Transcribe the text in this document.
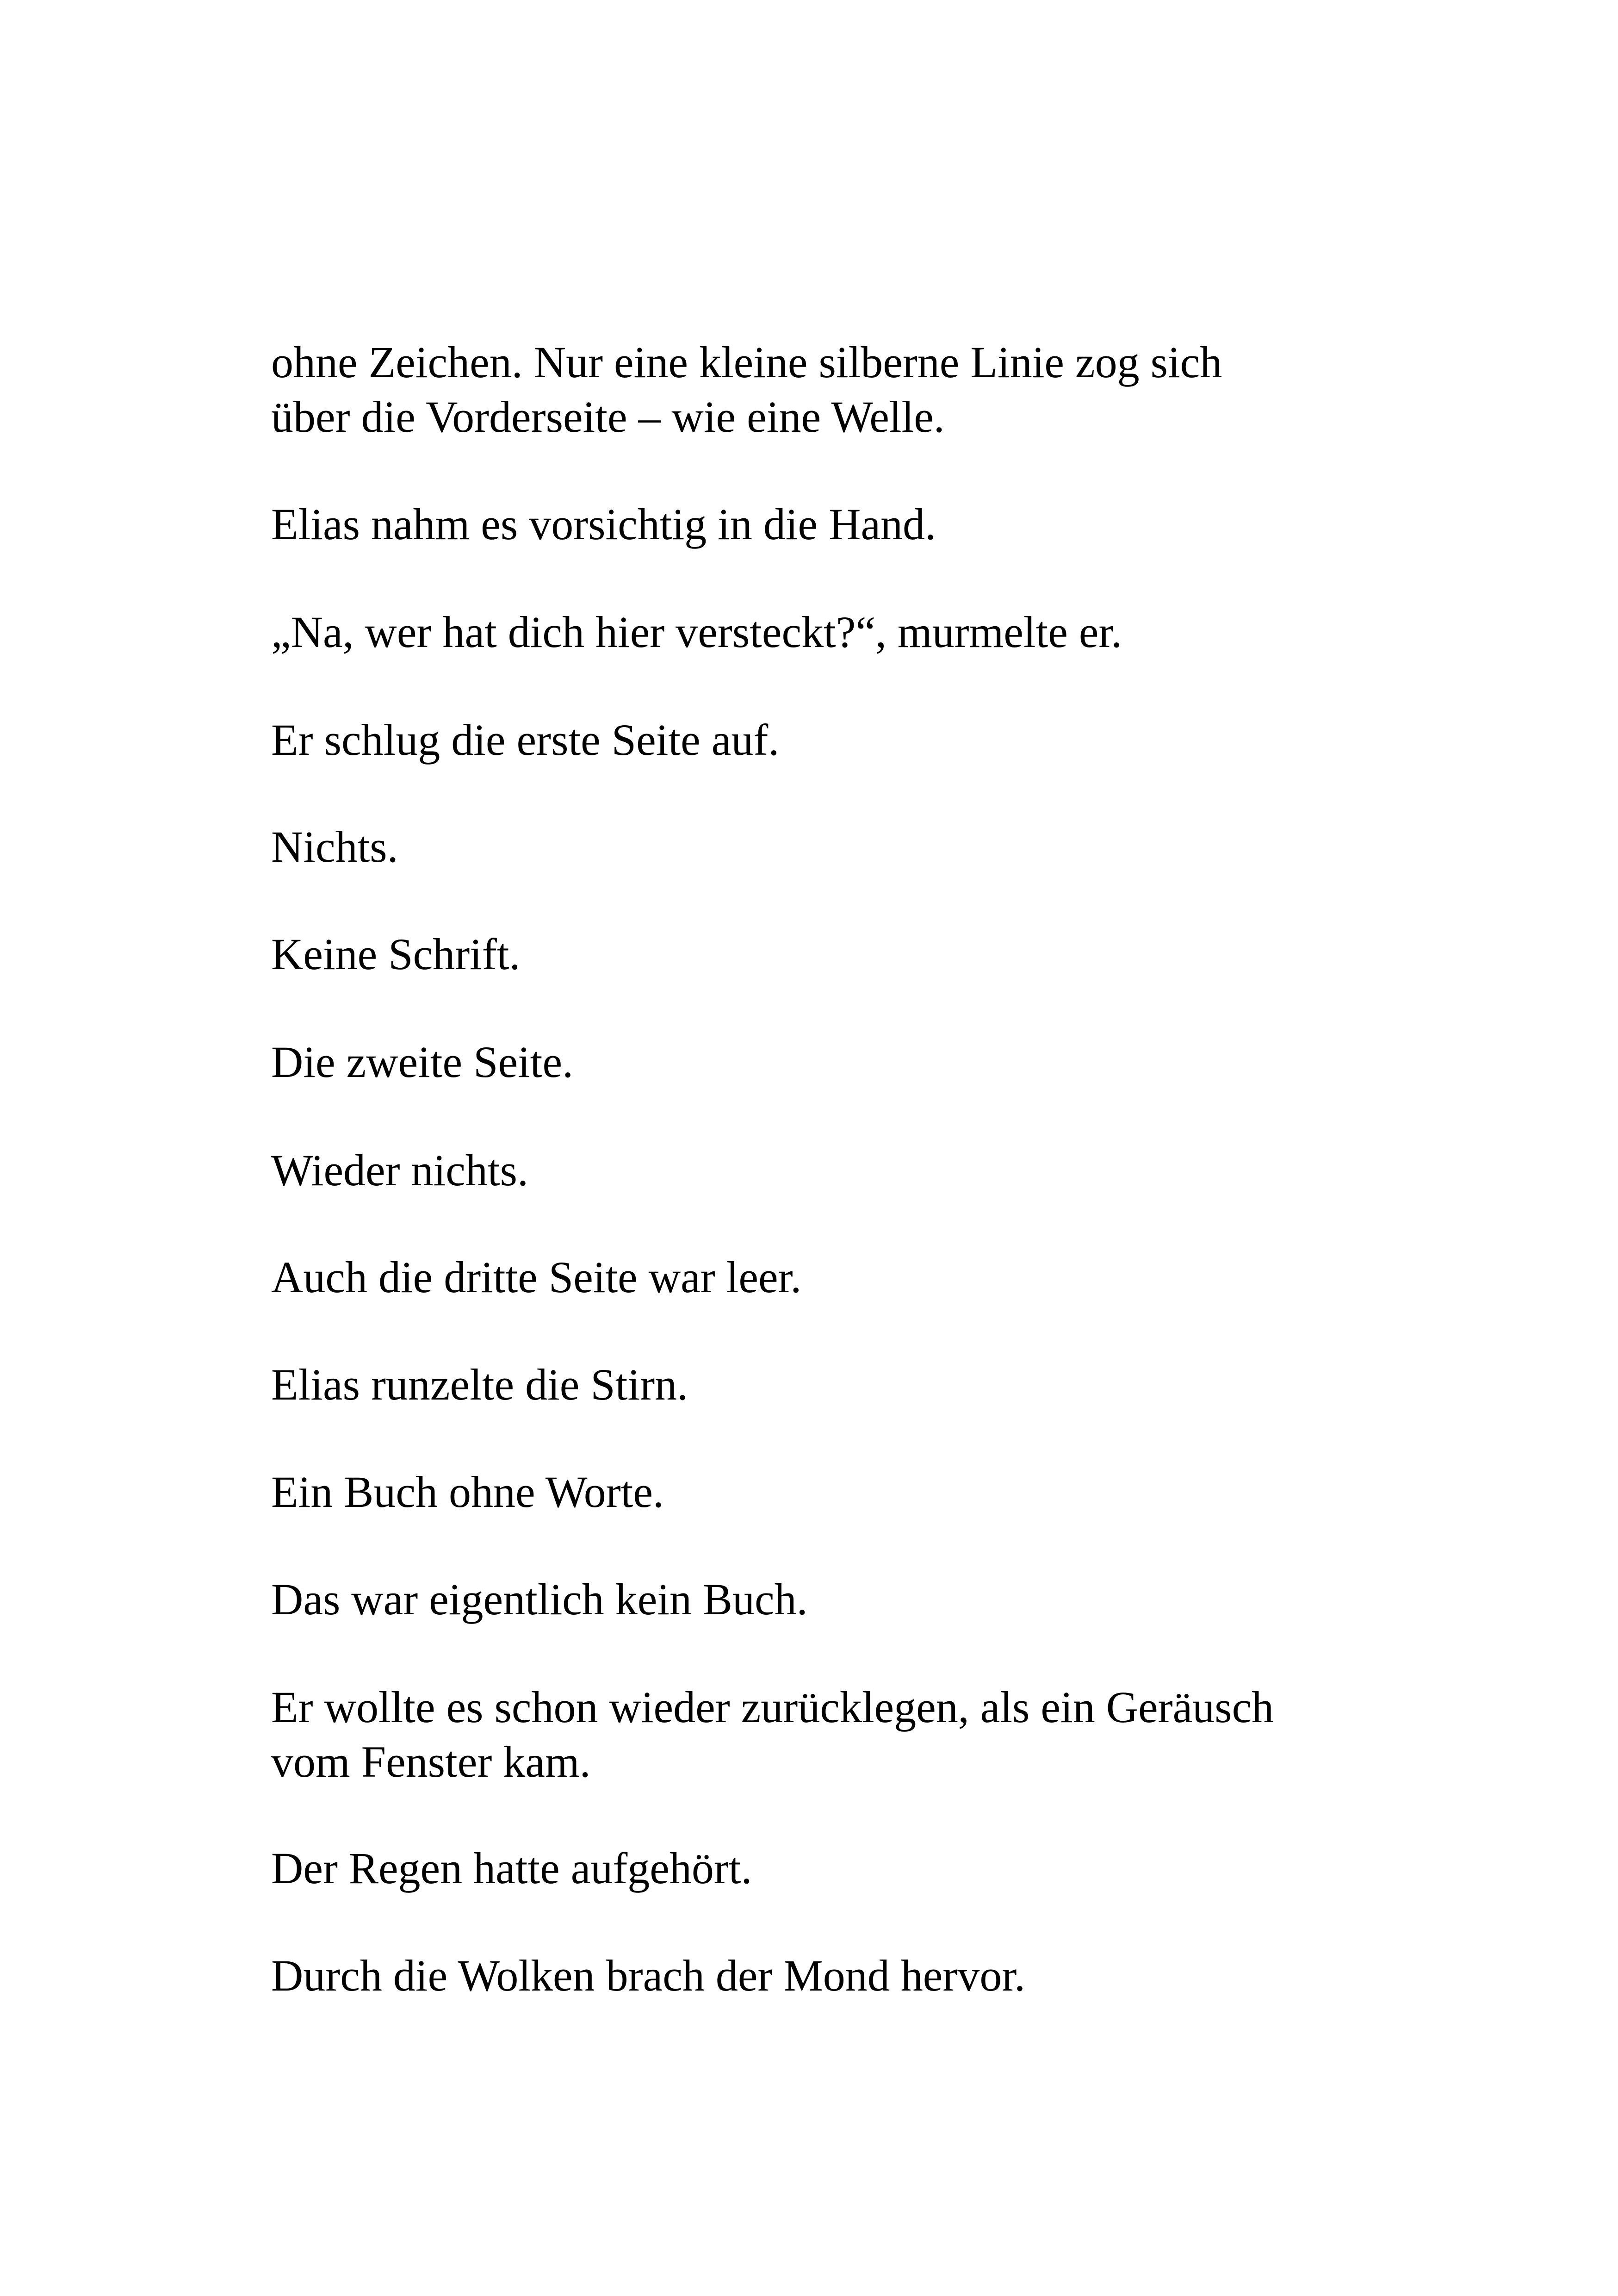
ohne Zeichen. Nur eine kleine silberne Linie zog sich
über die Vorderseite – wie eine Welle.

Elias nahm es vorsichtig in die Hand.

„Na, wer hat dich hier versteckt?“, murmelte er.

Er schlug die erste Seite auf.

Nichts.

Keine Schrift.

Die zweite Seite.

Wieder nichts.

Auch die dritte Seite war leer.

Elias runzelte die Stirn.

Ein Buch ohne Worte.

Das war eigentlich kein Buch.

Er wollte es schon wieder zurücklegen, als ein Geräusch
vom Fenster kam.

Der Regen hatte aufgehört.

Durch die Wolken brach der Mond hervor.
